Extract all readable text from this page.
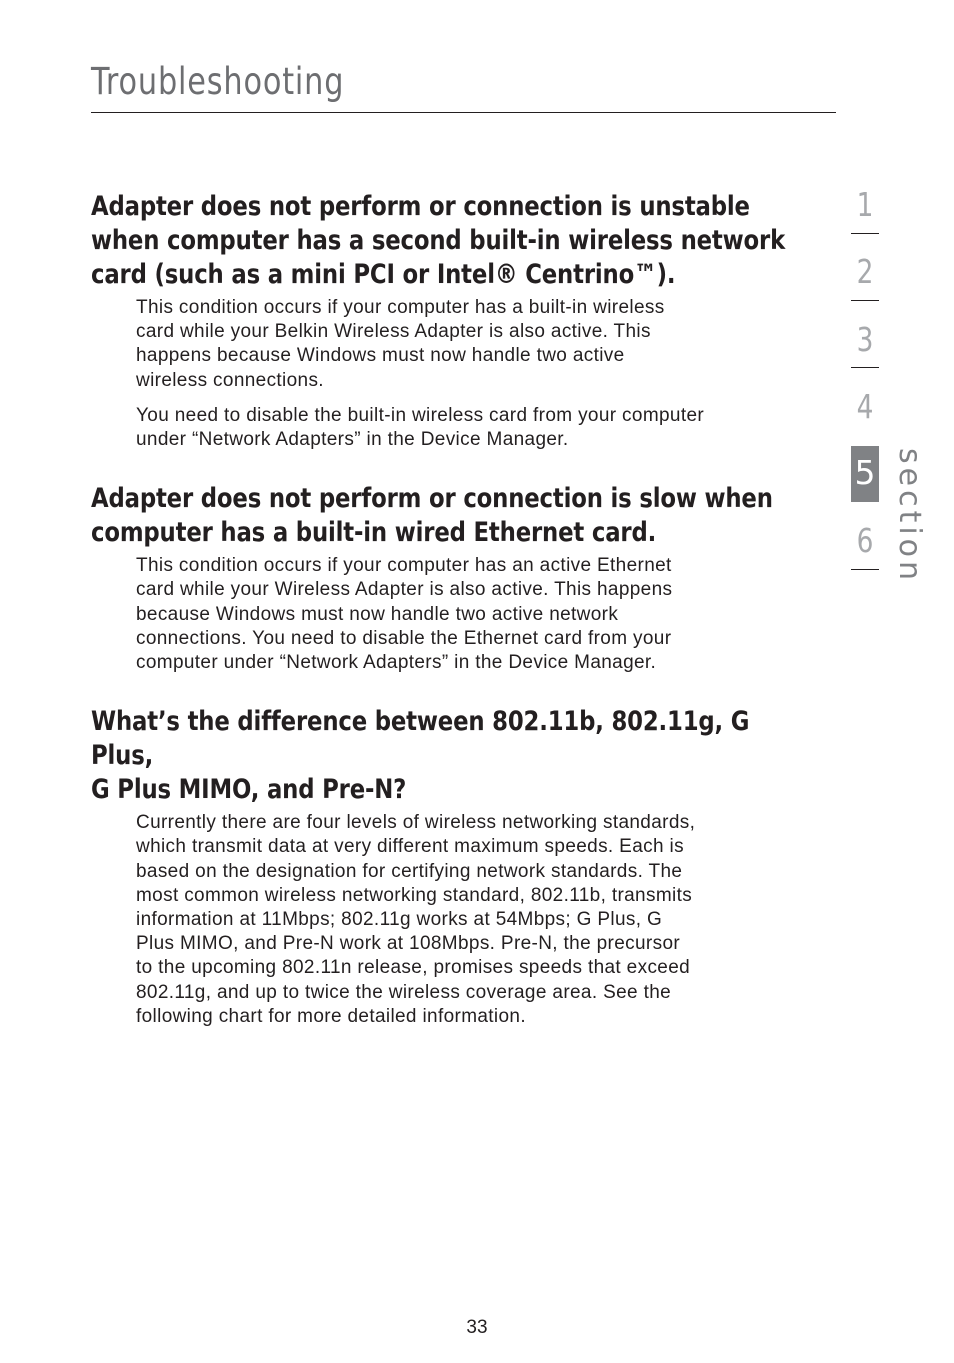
Troubleshooting
Adapter does not perform or connection is unstable
when computer has a second built-in wireless network
card (such as a mini PCI or Intel® Centrino™).
This condition occurs if your computer has a built-in wireless
card while your Belkin Wireless Adapter is also active. This
happens because Windows must now handle two active
wireless connections.
You need to disable the built-in wireless card from your computer
under “Network Adapters” in the Device Manager.
Adapter does not perform or connection is slow when
computer has a built-in wired Ethernet card.
This condition occurs if your computer has an active Ethernet
card while your Wireless Adapter is also active. This happens
because Windows must now handle two active network
connections. You need to disable the Ethernet card from your
computer under “Network Adapters” in the Device Manager.
What’s the difference between 802.11b, 802.11g, G Plus,
G Plus MIMO, and Pre-N?
Currently there are four levels of wireless networking standards,
which transmit data at very different maximum speeds. Each is
based on the designation for certifying network standards. The
most common wireless networking standard, 802.11b, transmits
information at 11Mbps; 802.11g works at 54Mbps; G Plus, G
Plus MIMO, and Pre-N work at 108Mbps. Pre-N, the precursor
to the upcoming 802.11n release, promises speeds that exceed
802.11g, and up to twice the wireless coverage area. See the
following chart for more detailed information.
1
2
3
4
5
6 section
33
